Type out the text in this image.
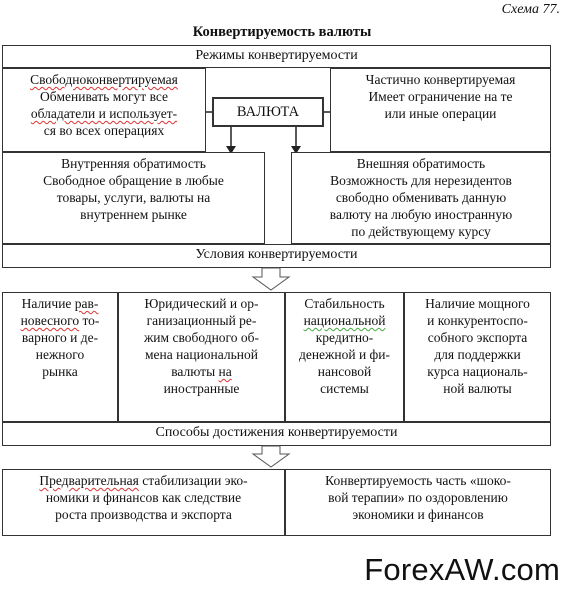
Схема 77.
Конвертируемость валюты
Режимы конвертируемости
Свободноконвертируемая
Обменивать могут все
обладатели и использует-
ся во всех операциях
Частично конвертируемая
Имеет ограничение на те
или иные операции
ВАЛЮТА
Внутренняя обратимость
Свободное обращение в любые
товары, услуги, валюты на
внутреннем рынке
Внешняя обратимость
Возможность для нерезидентов
свободно обменивать данную
валюту на любую иностранную
по действующему курсу
Условия конвертируемости
Наличие рав-
новесного то-
варного и де-
нежного
рынка
Юридический и ор-
ганизационный ре-
жим свободного об-
мена национальной
валюты на
иностранные
Стабильность
национальной
кредитно-
денежной и фи-
нансовой
системы
Наличие мощного
и конкурентоспо-
собного экспорта
для поддержки
курса националь-
ной валюты
Способы достижения конвертируемости
Предварительная стабилизации эко-
номики и финансов как следствие
роста производства и экспорта
Конвертируемость часть «шоко-
вой терапии» по оздоровлению
экономики и финансов
ForexAW.com
